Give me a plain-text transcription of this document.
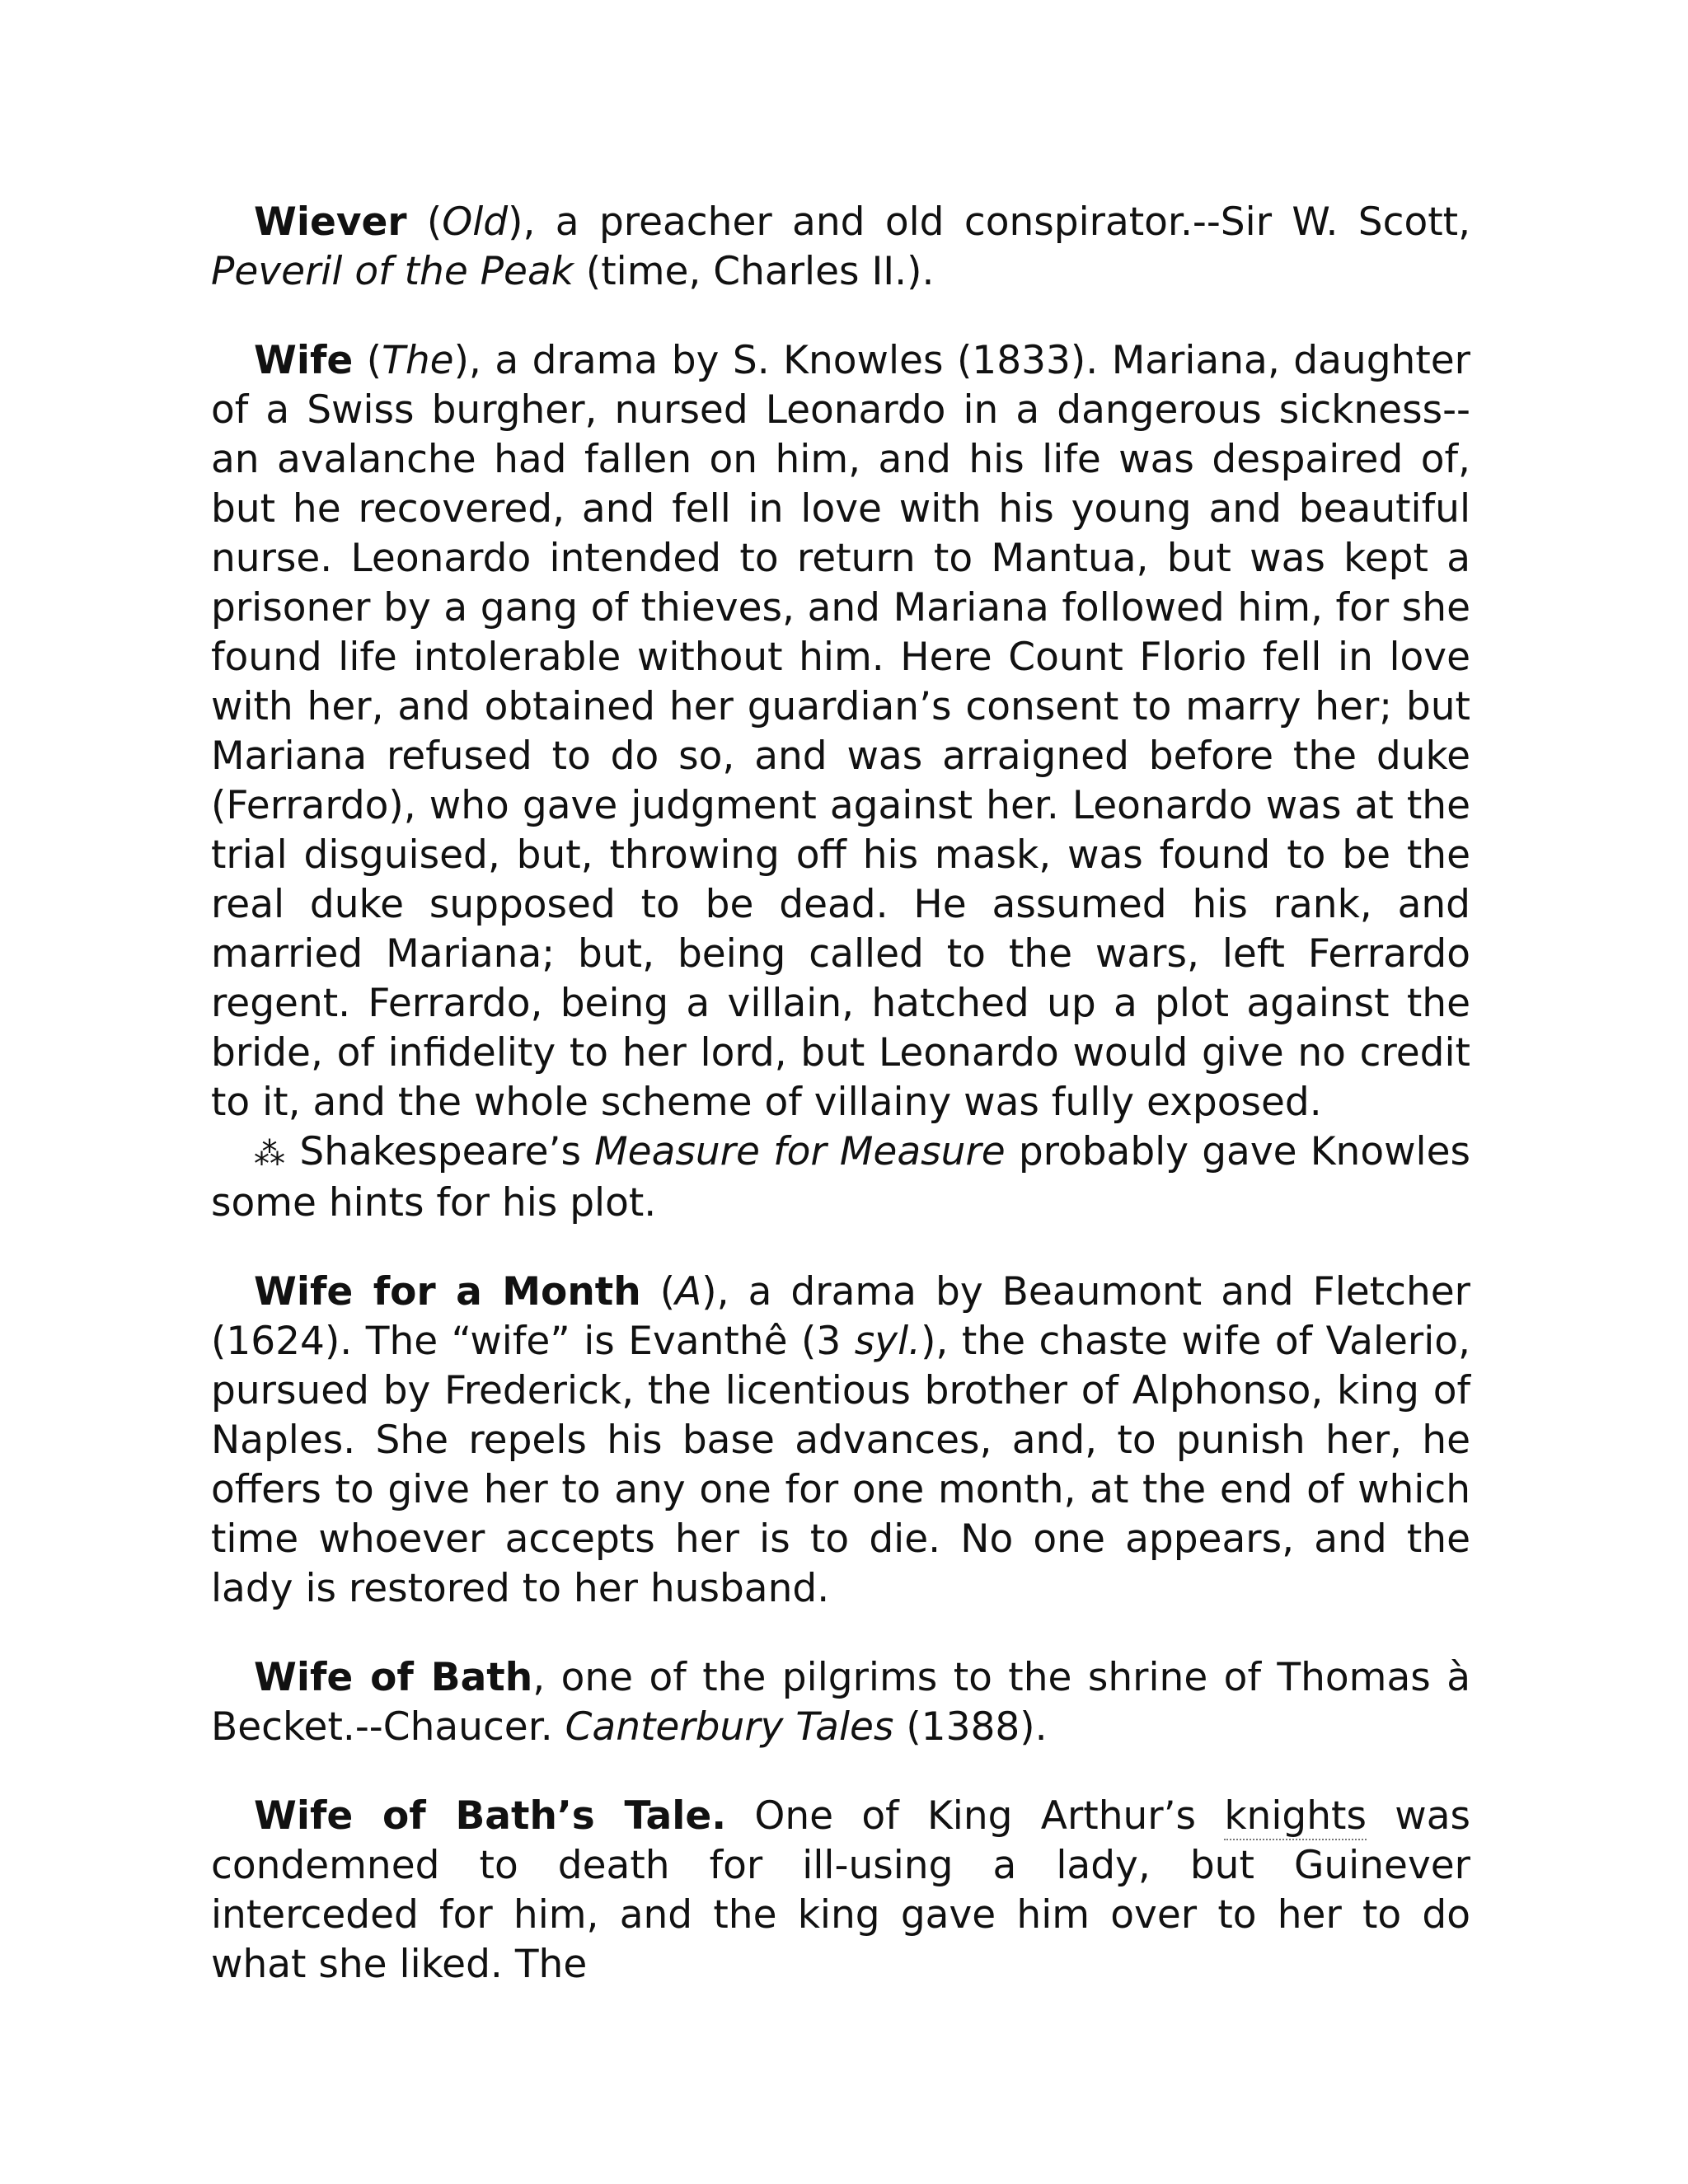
Wiever (Old), a preacher and old conspirator.--Sir W. Scott, Peveril of the Peak (time, Charles II.).

Wife (The), a drama by S. Knowles (1833). Mariana, daughter of a Swiss burgher, nursed Leonardo in a dangerous sickness--an avalanche had fallen on him, and his life was despaired of, but he recovered, and fell in love with his young and beautiful nurse. Leonardo intended to return to Mantua, but was kept a prisoner by a gang of thieves, and Mariana followed him, for she found life intolerable without him. Here Count Florio fell in love with her, and obtained her guardian’s consent to marry her; but Mariana refused to do so, and was arraigned before the duke (Ferrardo), who gave judgment against her. Leonardo was at the trial disguised, but, throwing off his mask, was found to be the real duke supposed to be dead. He assumed his rank, and married Mariana; but, being called to the wars, left Ferrardo regent. Ferrardo, being a villain, hatched up a plot against the bride, of infidelity to her lord, but Leonardo would give no credit to it, and the whole scheme of villainy was fully exposed.
⁂ Shakespeare’s Measure for Measure probably gave Knowles some hints for his plot.

Wife for a Month (A), a drama by Beaumont and Fletcher (1624). The “wife” is Evanthê (3 syl.), the chaste wife of Valerio, pursued by Frederick, the licentious brother of Alphonso, king of Naples. She repels his base advances, and, to punish her, he offers to give her to any one for one month, at the end of which time whoever accepts her is to die. No one appears, and the lady is restored to her husband.

Wife of Bath, one of the pilgrims to the shrine of Thomas à Becket.--Chaucer. Canterbury Tales (1388).

Wife of Bath’s Tale. One of King Arthur’s knights was condemned to death for ill-using a lady, but Guinever interceded for him, and the king gave him over to her to do what she liked. The
